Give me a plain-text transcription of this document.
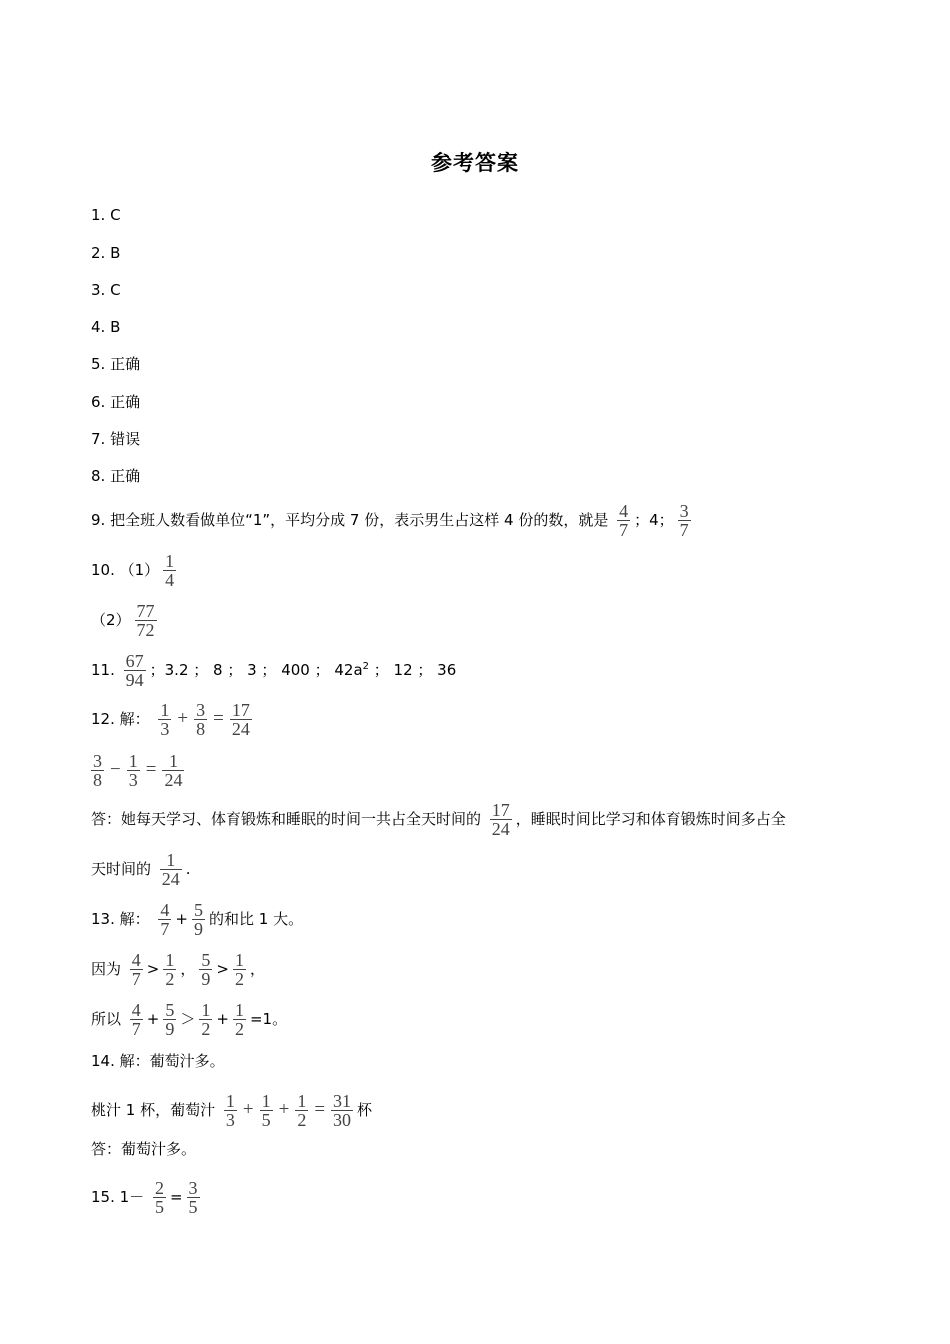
参考答案
1. C
2. B
3. C
4. B
5. 正确
6. 正确
7. 错误
8. 正确
9. 把全班人数看做单位“1”，平均分成 7 份，表示男生占这样 4 份的数，就是 $\frac{4}{7}$ ；4； $\frac{3}{7}$
10. $(1) \frac{1}{4}$
$(2) \frac{77}{72}$
11. $\frac{67}{94}$ ；3.2 ； 8 ； 3 ； 400 ； $42a^2$ ； 12 ； 36
12. 解： $\frac{1}{3} + \frac{3}{8} = \frac{17}{24}$
$\frac{3}{8} - \frac{1}{3} = \frac{1}{24}$
答：她每天学习、体育锻炼和睡眠的时间一共占全天时间的 $\frac{17}{24}$ ，睡眠时间比学习和体育锻炼时间多占全
天时间的 $\frac{1}{24}$ .
13. 解： $\frac{4}{7} + \frac{5}{9}$ 的和比 1 大。
因为 $\frac{4}{7} > \frac{1}{2}$ ， $\frac{5}{9} > \frac{1}{2}$ ，
所以 $\frac{4}{7} + \frac{5}{9} > \frac{1}{2} + \frac{1}{2} =1$。
14. 解：葡萄汁多。
桃汁 1 杯，葡萄汁 $\frac{1}{3} + \frac{1}{5} + \frac{1}{2} = \frac{31}{30}$ 杯
答：葡萄汁多。
15. $1- \frac{2}{5} = \frac{3}{5}$
